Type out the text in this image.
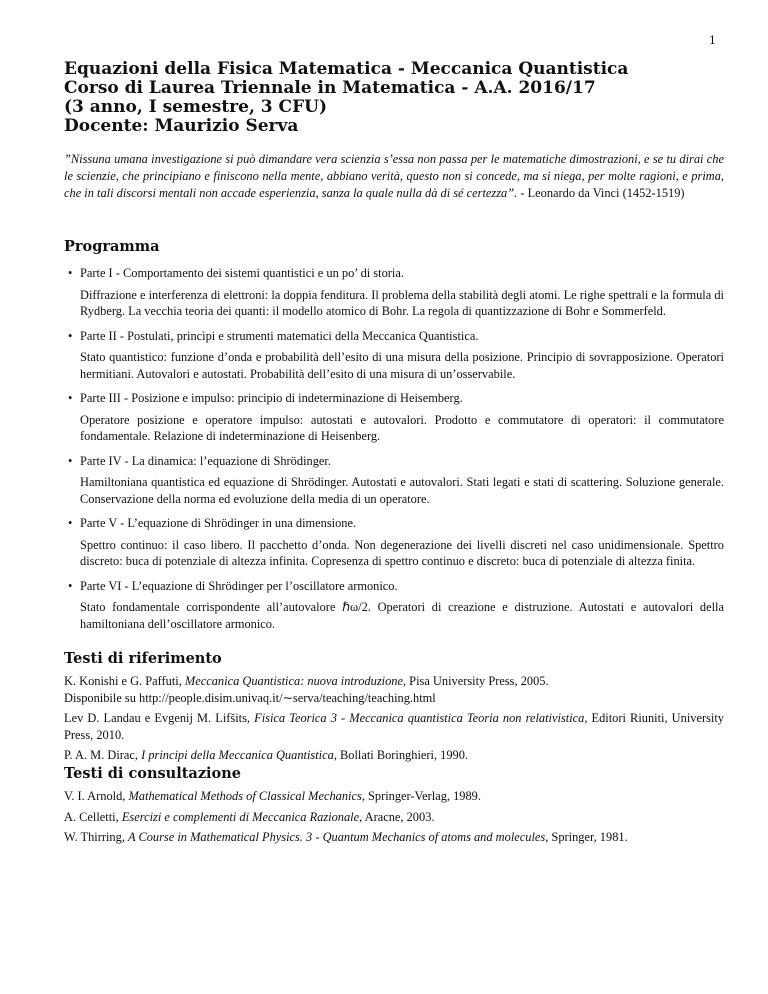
1
Equazioni della Fisica Matematica - Meccanica Quantistica
Corso di Laurea Triennale in Matematica - A.A. 2016/17
(3 anno, I semestre, 3 CFU)
Docente: Maurizio Serva
”Nissuna umana investigazione si può dimandare vera scienzia s’essa non passa per le matematiche dimostrazioni, e se tu dirai che le scienzie, che principiano e finiscono nella mente, abbiano verità, questo non si concede, ma si niega, per molte ragioni, e prima, che in tali discorsi mentali non accade esperienzia, sanza la quale nulla dà di sé certezza”. - Leonardo da Vinci (1452-1519)
Programma
• Parte I - Comportamento dei sistemi quantistici e un po’ di storia.
Diffrazione e interferenza di elettroni: la doppia fenditura. Il problema della stabilità degli atomi. Le righe spettrali e la formula di Rydberg. La vecchia teoria dei quanti: il modello atomico di Bohr. La regola di quantizzazione di Bohr e Sommerfeld.
• Parte II - Postulati, princìpi e strumenti matematici della Meccanica Quantistica.
Stato quantistico: funzione d’onda e probabilità dell’esito di una misura della posizione. Principio di sovrapposizione. Operatori hermitiani. Autovalori e autostati. Probabilità dell’esito di una misura di un’osservabile.
• Parte III - Posizione e impulso: principio di indeterminazione di Heisemberg.
Operatore posizione e operatore impulso: autostati e autovalori. Prodotto e commutatore di operatori: il commutatore fondamentale. Relazione di indeterminazione di Heisenberg.
• Parte IV - La dinamica: l’equazione di Shrödinger.
Hamiltoniana quantistica ed equazione di Shrödinger. Autostati e autovalori. Stati legati e stati di scattering. Soluzione generale. Conservazione della norma ed evoluzione della media di un operatore.
• Parte V - L’equazione di Shrödinger in una dimensione.
Spettro continuo: il caso libero. Il pacchetto d’onda. Non degenerazione dei livelli discreti nel caso unidimensionale. Spettro discreto: buca di potenziale di altezza infinita. Copresenza di spettro continuo e discreto: buca di potenziale di altezza finita.
• Parte VI - L’equazione di Shrödinger per l’oscillatore armonico.
Stato fondamentale corrispondente all’autovalore ℏω/2. Operatori di creazione e distruzione. Autostati e autovalori della hamiltoniana dell’oscillatore armonico.
Testi di riferimento
K. Konishi e G. Paffuti, Meccanica Quantistica: nuova introduzione, Pisa University Press, 2005.
Disponibile su http://people.disim.univaq.it/∼serva/teaching/teaching.html
Lev D. Landau e Evgenij M. Lifšits, Fisica Teorica 3 - Meccanica quantistica Teoria non relativistica, Editori Riuniti, University Press, 2010.
P. A. M. Dirac, I principi della Meccanica Quantistica, Bollati Boringhieri, 1990.
Testi di consultazione
V. I. Arnold, Mathematical Methods of Classical Mechanics, Springer-Verlag, 1989.
A. Celletti, Esercizi e complementi di Meccanica Razionale, Aracne, 2003.
W. Thirring, A Course in Mathematical Physics. 3 - Quantum Mechanics of atoms and molecules, Springer, 1981.
